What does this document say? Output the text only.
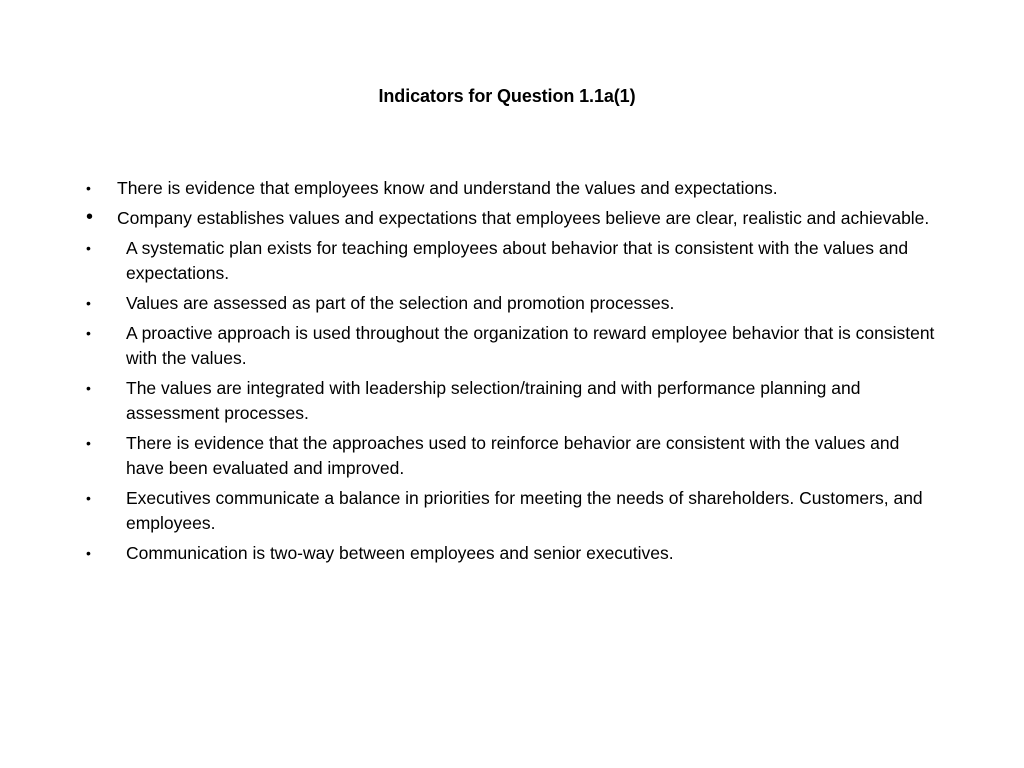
Indicators for Question 1.1a(1)
•	There is evidence that employees know and understand the values and expectations.
•	Company establishes values and expectations that employees believe are clear, realistic and achievable.
•	A systematic plan exists for teaching employees about behavior that is consistent with the values and expectations.
•	Values are assessed as part of the selection and promotion processes.
•	A proactive approach is used throughout the organization to reward employee behavior that is consistent with the values.
•	The values are integrated with leadership selection/training and with performance planning and assessment processes.
•	There is evidence that the approaches used to reinforce behavior are consistent with the values and have been evaluated and improved.
•	Executives communicate a balance in priorities for meeting the needs of shareholders. Customers, and employees.
•	Communication is two-way between employees and senior executives.
